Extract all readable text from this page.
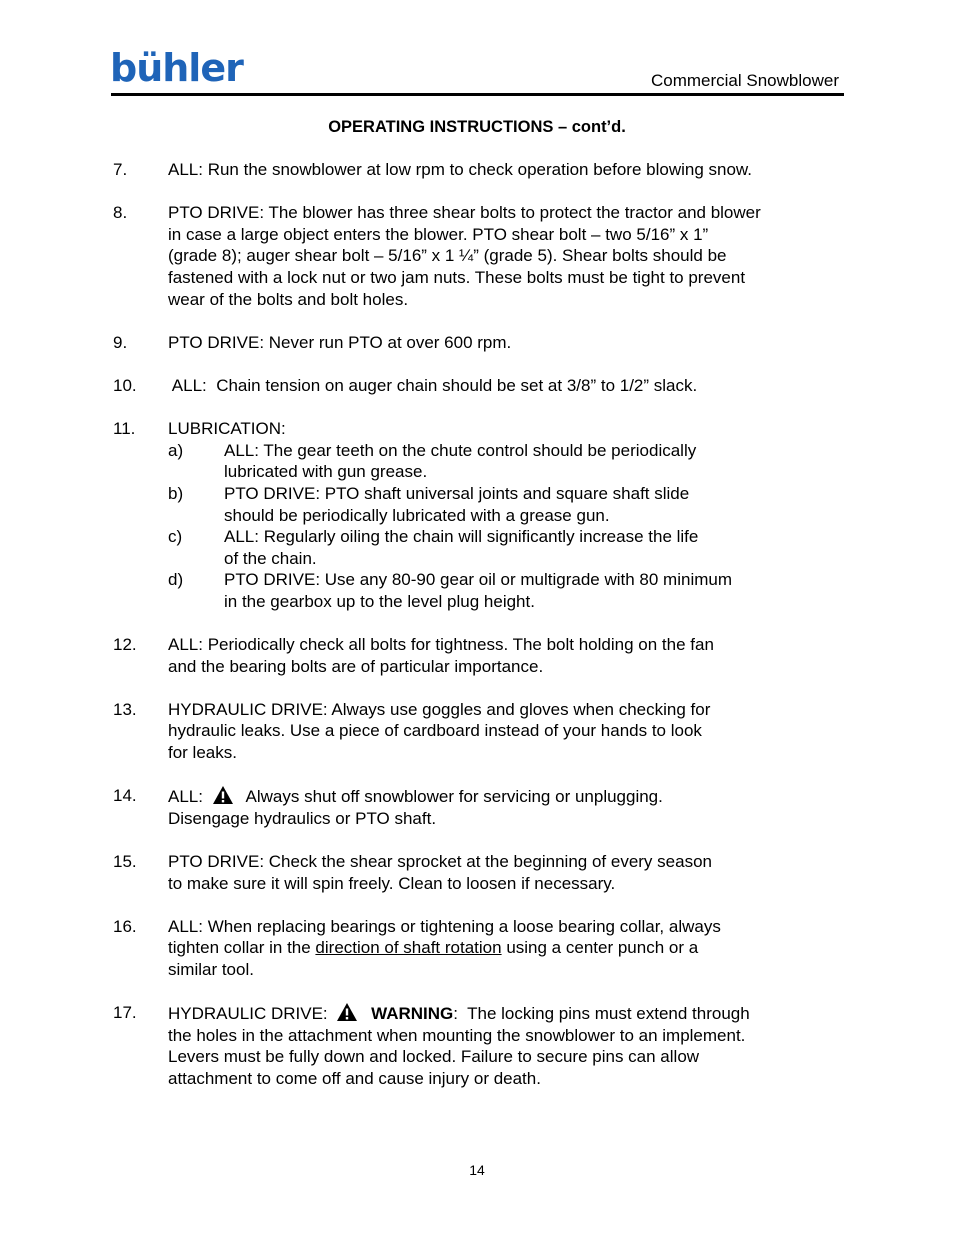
bühler	Commercial Snowblower
OPERATING INSTRUCTIONS – cont’d.
7. ALL: Run the snowblower at low rpm to check operation before blowing snow.
8. PTO DRIVE: The blower has three shear bolts to protect the tractor and blower
in case a large object enters the blower. PTO shear bolt – two 5/16” x 1”
(grade 8); auger shear bolt – 5/16” x 1 ¼” (grade 5). Shear bolts should be
fastened with a lock nut or two jam nuts. These bolts must be tight to prevent
wear of the bolts and bolt holes.
9. PTO DRIVE: Never run PTO at over 600 rpm.
10. ALL:  Chain tension on auger chain should be set at 3/8” to 1/2” slack.
11. LUBRICATION:
a) ALL: The gear teeth on the chute control should be periodically
lubricated with gun grease.
b) PTO DRIVE: PTO shaft universal joints and square shaft slide
should be periodically lubricated with a grease gun.
c) ALL: Regularly oiling the chain will significantly increase the life
of the chain.
d) PTO DRIVE: Use any 80-90 gear oil or multigrade with 80 minimum
in the gearbox up to the level plug height.
12. ALL: Periodically check all bolts for tightness. The bolt holding on the fan
and the bearing bolts are of particular importance.
13. HYDRAULIC DRIVE: Always use goggles and gloves when checking for
hydraulic leaks. Use a piece of cardboard instead of your hands to look
for leaks.
14. ALL:	Always shut off snowblower for servicing or unplugging.
Disengage hydraulics or PTO shaft.
15. PTO DRIVE: Check the shear sprocket at the beginning of every season
to make sure it will spin freely. Clean to loosen if necessary.
16. ALL: When replacing bearings or tightening a loose bearing collar, always
tighten collar in the direction of shaft rotation using a center punch or a
similar tool.
17. HYDRAULIC DRIVE:	WARNING:  The locking pins must extend through
the holes in the attachment when mounting the snowblower to an implement.
Levers must be fully down and locked. Failure to secure pins can allow
attachment to come off and cause injury or death.
14
